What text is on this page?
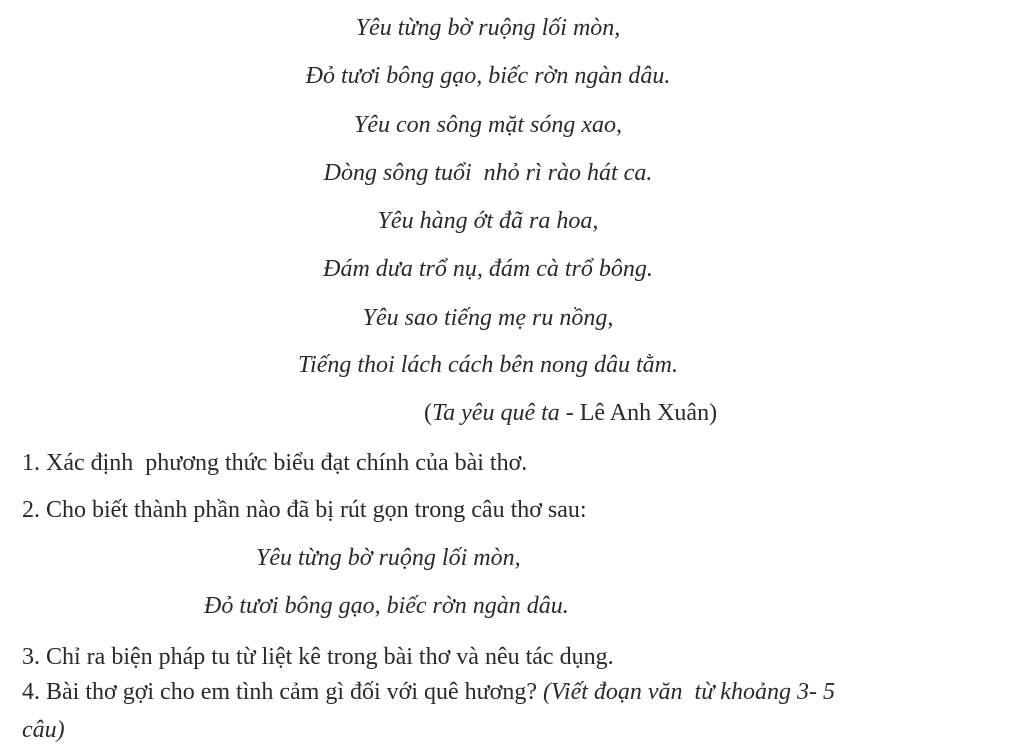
Yêu từng bờ ruộng lối mòn,
Đỏ tươi bông gạo, biếc rờn ngàn dâu.
Yêu con sông mặt sóng xao,
Dòng sông tuổi  nhỏ rì rào hát ca.
Yêu hàng ớt đã ra hoa,
Đám dưa trổ nụ, đám cà trổ bông.
Yêu sao tiếng mẹ ru nồng,
Tiếng thoi lách cách bên nong dâu tằm.
(Ta yêu quê ta - Lê Anh Xuân)
1. Xác định  phương thức biểu đạt chính của bài thơ.
2. Cho biết thành phần nào đã bị rút gọn trong câu thơ sau:
Yêu từng bờ ruộng lối mòn,
Đỏ tươi bông gạo, biếc rờn ngàn dâu.
3. Chỉ ra biện pháp tu từ liệt kê trong bài thơ và nêu tác dụng.
4. Bài thơ gợi cho em tình cảm gì đối với quê hương? (Viết đoạn văn  từ khoảng 3- 5
câu)
